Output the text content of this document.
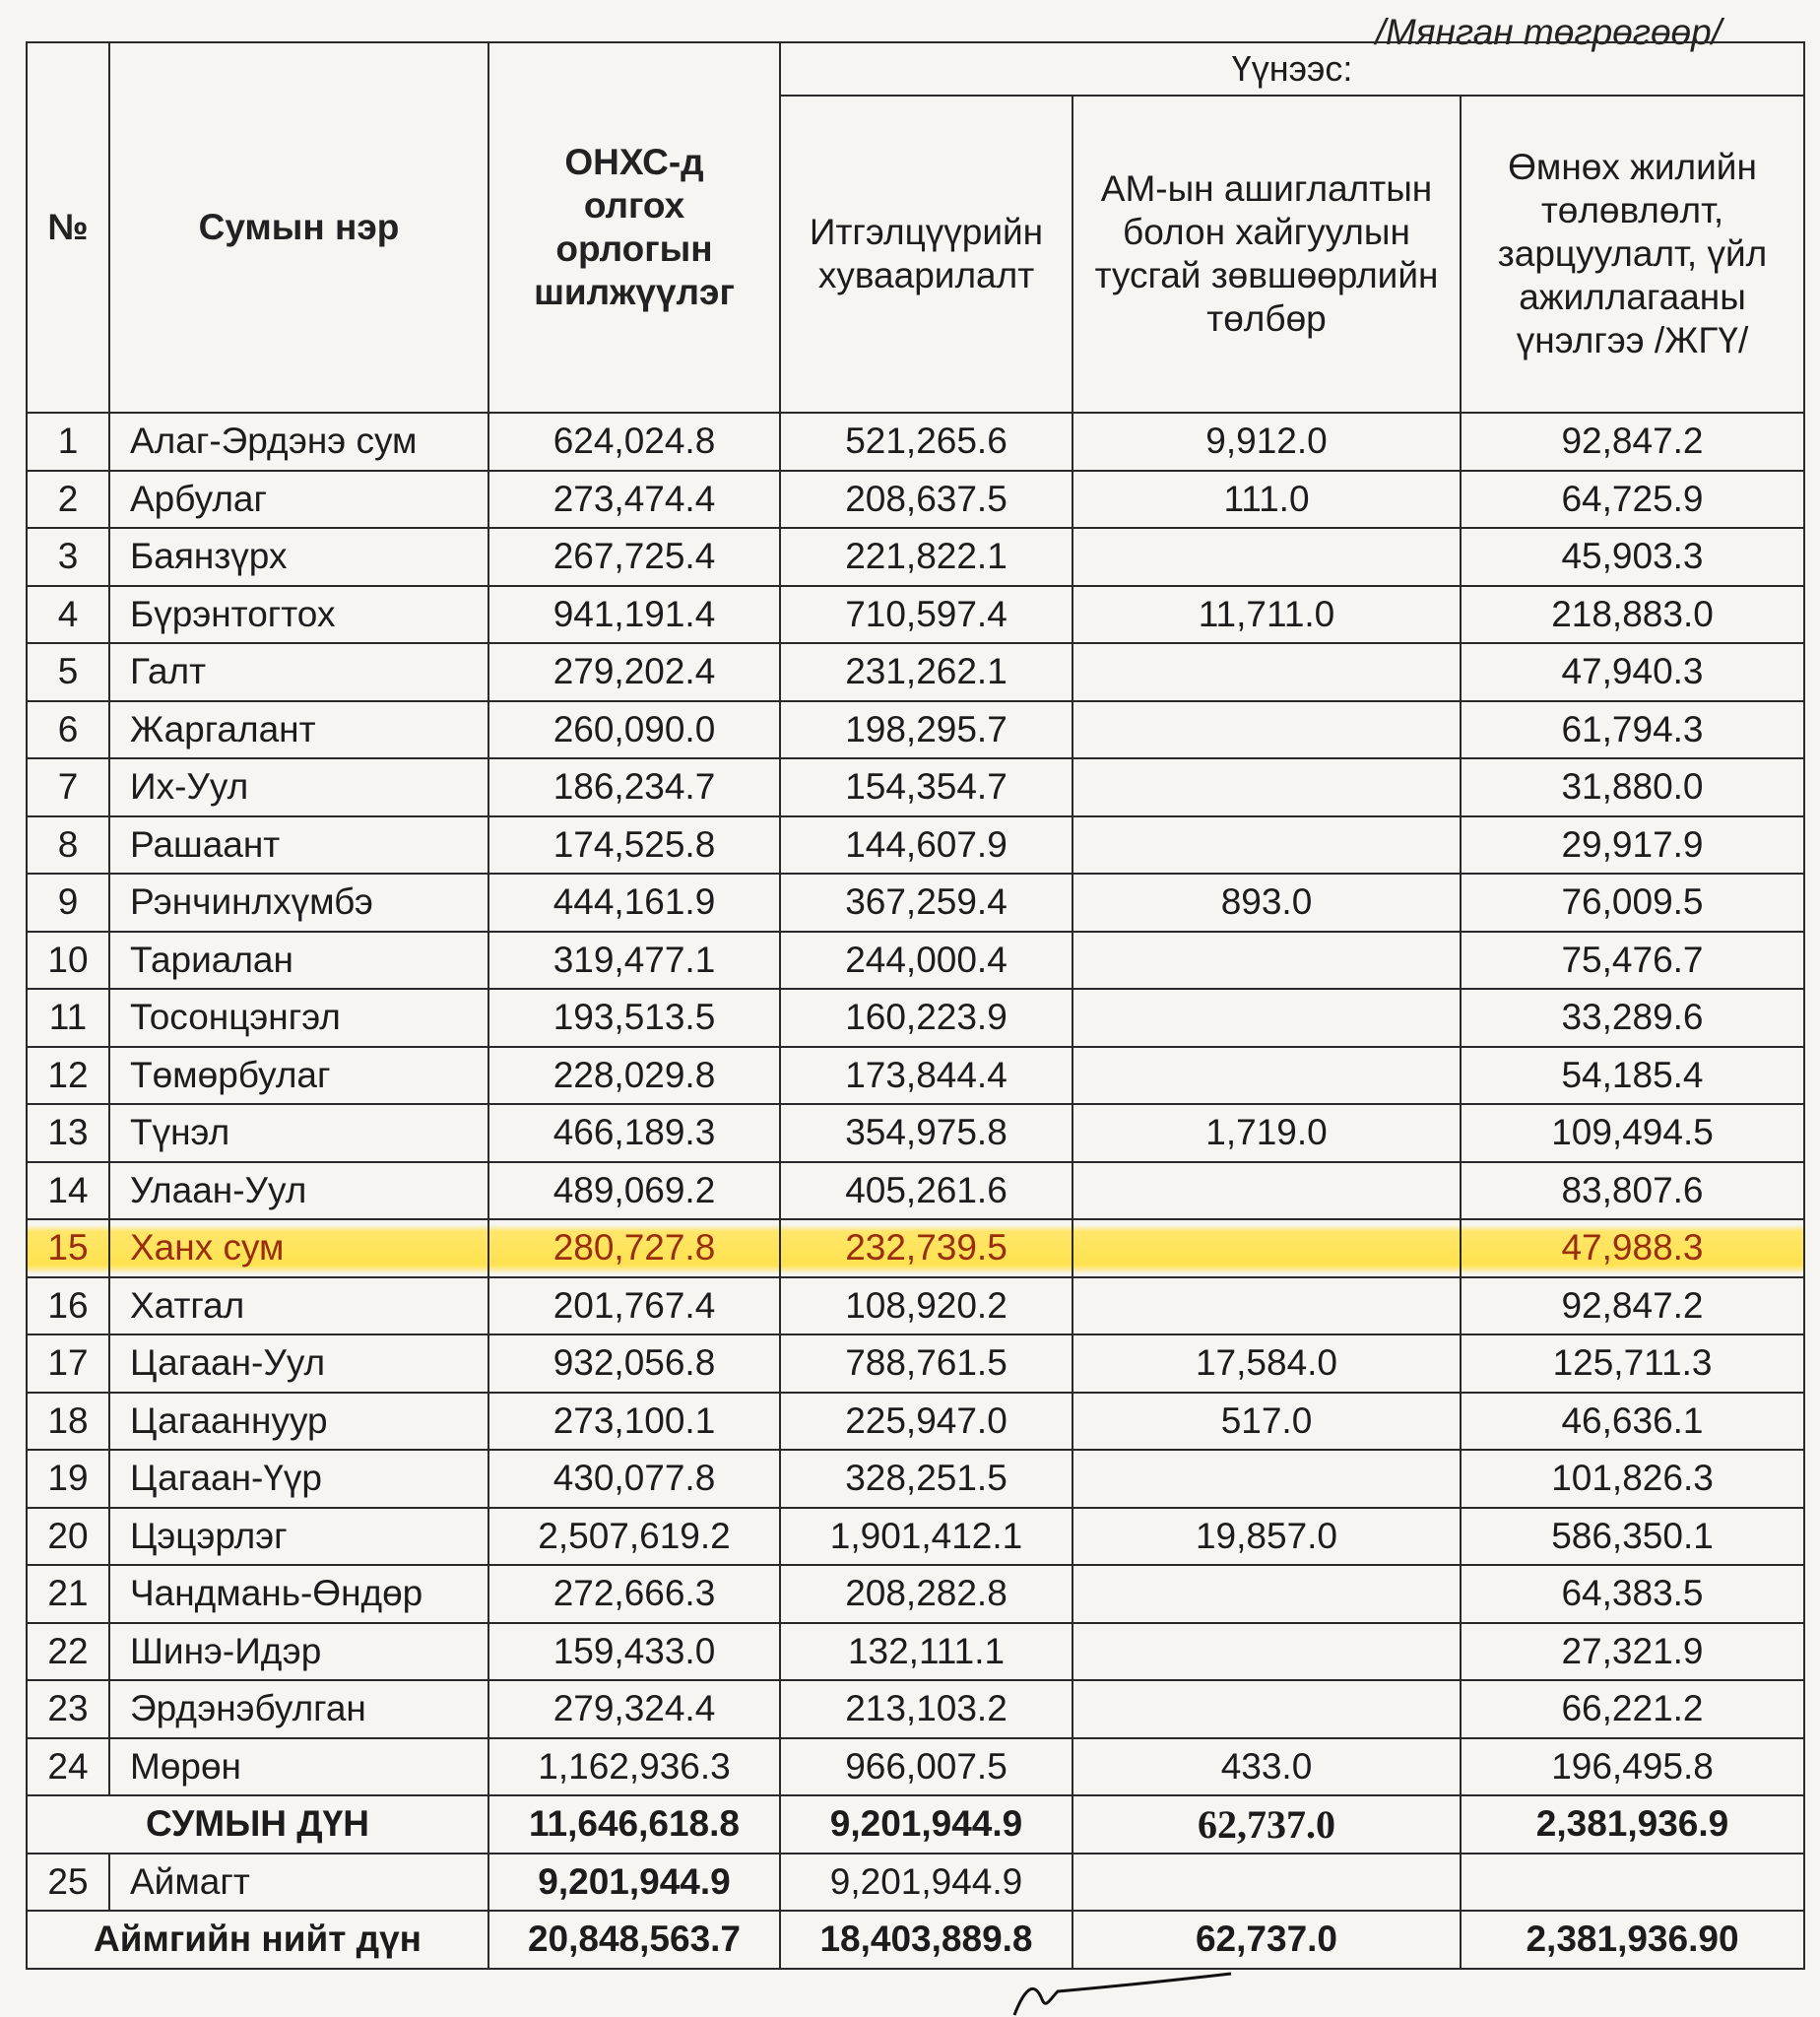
/Мянган төгрөгөөр/
№	Сумын нэр	ОНХС-д олгох орлогын шилжүүлэг	Үүнээс:		
			Итгэлцүүрийн хуваарилалт	АМ-ын ашиглалтын болон хайгуулын тусгай зөвшөөрлийн төлбөр	Өмнөх жилийн төлөвлөлт, зарцуулалт, үйл ажиллагааны үнэлгээ /ЖГҮ/
1	Алаг-Эрдэнэ сум	624,024.8	521,265.6	9,912.0	92,847.2
2	Арбулаг	273,474.4	208,637.5	111.0	64,725.9
3	Баянзүрх	267,725.4	221,822.1		45,903.3
4	Бүрэнтогтох	941,191.4	710,597.4	11,711.0	218,883.0
5	Галт	279,202.4	231,262.1		47,940.3
6	Жаргалант	260,090.0	198,295.7		61,794.3
7	Их-Уул	186,234.7	154,354.7		31,880.0
8	Рашаант	174,525.8	144,607.9		29,917.9
9	Рэнчинлхүмбэ	444,161.9	367,259.4	893.0	76,009.5
10	Тариалан	319,477.1	244,000.4		75,476.7
11	Тосонцэнгэл	193,513.5	160,223.9		33,289.6
12	Төмөрбулаг	228,029.8	173,844.4		54,185.4
13	Түнэл	466,189.3	354,975.8	1,719.0	109,494.5
14	Улаан-Уул	489,069.2	405,261.6		83,807.6
15	Ханх сум	280,727.8	232,739.5		47,988.3
16	Хатгал	201,767.4	108,920.2		92,847.2
17	Цагаан-Уул	932,056.8	788,761.5	17,584.0	125,711.3
18	Цагааннуур	273,100.1	225,947.0	517.0	46,636.1
19	Цагаан-Үүр	430,077.8	328,251.5		101,826.3
20	Цэцэрлэг	2,507,619.2	1,901,412.1	19,857.0	586,350.1
21	Чандмань-Өндөр	272,666.3	208,282.8		64,383.5
22	Шинэ-Идэр	159,433.0	132,111.1		27,321.9
23	Эрдэнэбулган	279,324.4	213,103.2		66,221.2
24	Мөрөн	1,162,936.3	966,007.5	433.0	196,495.8
СУМЫН ДҮН		11,646,618.8	9,201,944.9	62,737.0	2,381,936.9
25	Аймагт	9,201,944.9	9,201,944.9		
Аймгийн нийт дүн		20,848,563.7	18,403,889.8	62,737.0	2,381,936.90
